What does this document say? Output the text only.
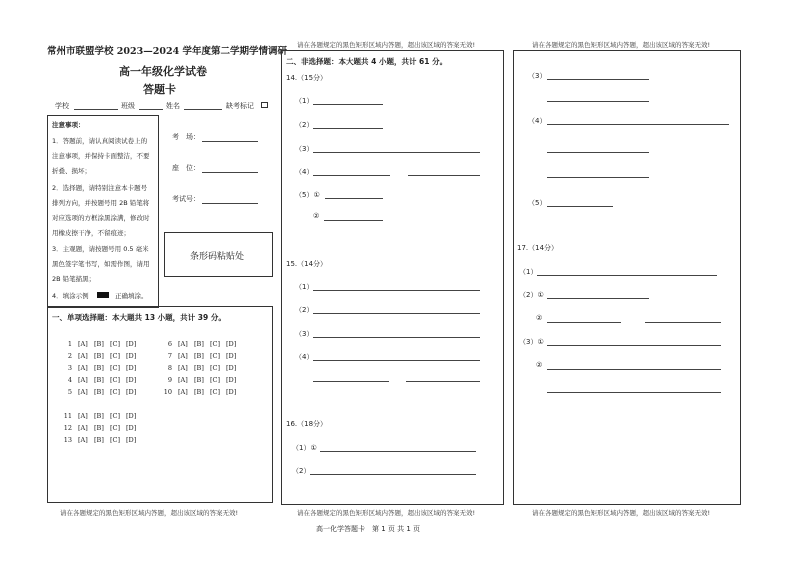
常州市联盟学校 2023—2024 学年度第二学期学情调研
高一年级化学试卷
答题卡
学校	班级	姓名	缺考标记
注意事项：
1．答题前，请认真阅读试卷上的
注意事项，并保持卡面整洁，不要
折叠、损坏；
2．选择题，请特别注意本卡题号
排列方向，并按题号用 2B 铅笔将
对应选项的方框涂黑涂满，修改时
用橡皮擦干净，不留痕迹；
3．主观题，请按题号用 0.5 毫米
黑色签字笔书写，如需作图，请用
2B 铅笔描黑；
4．填涂示例	正确填涂。
考　场：
座　位：
考试号：
条形码粘贴处
一、单项选择题：本大题共 13 小题，共计 39 分。
1 [A] [B] [C] [D]
2 [A] [B] [C] [D]
3 [A] [B] [C] [D]
4 [A] [B] [C] [D]
5 [A] [B] [C] [D]
6 [A] [B] [C] [D]
7 [A] [B] [C] [D]
8 [A] [B] [C] [D]
9 [A] [B] [C] [D]
10 [A] [B] [C] [D]
11 [A] [B] [C] [D]
12 [A] [B] [C] [D]
13 [A] [B] [C] [D]
请在各题规定的黑色矩形区域内答题，超出该区域的答案无效!
请在各题规定的黑色矩形区域内答题，超出该区域的答案无效!
二、非选择题：本大题共 4 小题，共计 61 分。
14.（15分）
（1）
（2）
（3）
（4）
（5）①
②
15.（14分）
（1）
（2）
（3）
（4）
16.（18分）
（1）①
（2）
请在各题规定的黑色矩形区域内答题，超出该区域的答案无效!
请在各题规定的黑色矩形区域内答题，超出该区域的答案无效!
（3）
（4）
（5）
17.（14分）
（1）
（2）①
②
（3）①
②
请在各题规定的黑色矩形区域内答题，超出该区域的答案无效!
高一化学答题卡　第 1 页 共 1 页
